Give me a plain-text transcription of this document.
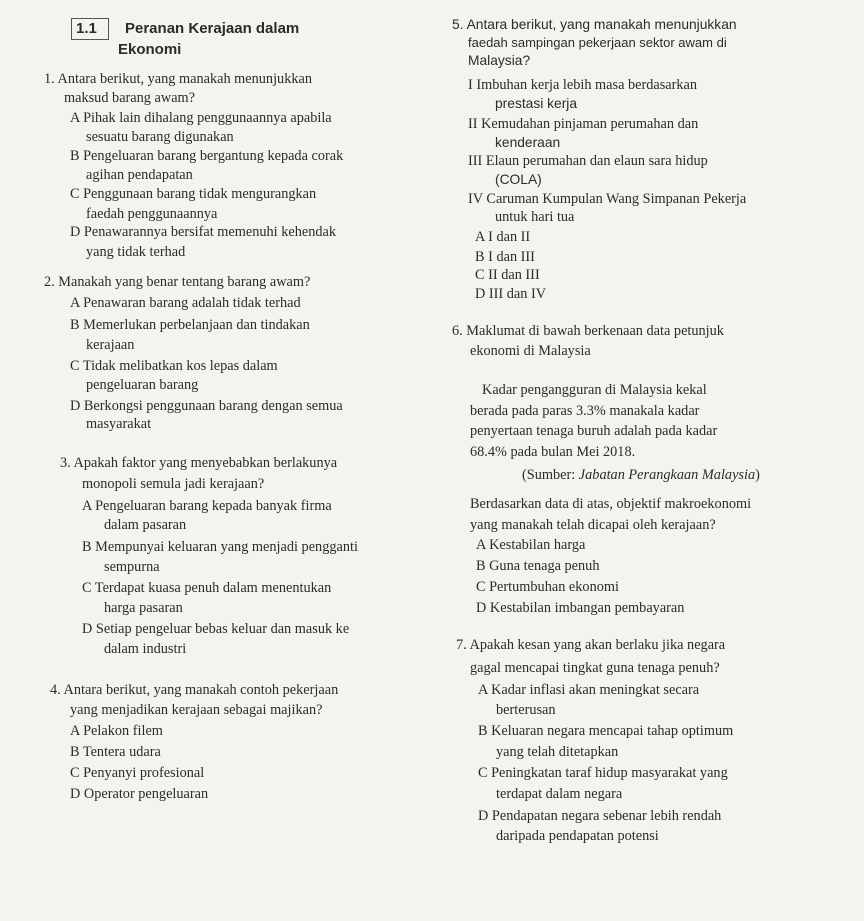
1.1 Peranan Kerajaan dalam
Ekonomi
1. Antara berikut, yang manakah menunjukkan
maksud barang awam?
A Pihak lain dihalang penggunaannya apabila
sesuatu barang digunakan
B Pengeluaran barang bergantung kepada corak
agihan pendapatan
C Penggunaan barang tidak mengurangkan
faedah penggunaannya
D Penawarannya bersifat memenuhi kehendak
yang tidak terhad
2. Manakah yang benar tentang barang awam?
A Penawaran barang adalah tidak terhad
B Memerlukan perbelanjaan dan tindakan
kerajaan
C Tidak melibatkan kos lepas dalam
pengeluaran barang
D Berkongsi penggunaan barang dengan semua
masyarakat
3. Apakah faktor yang menyebabkan berlakunya
monopoli semula jadi kerajaan?
A Pengeluaran barang kepada banyak firma
dalam pasaran
B Mempunyai keluaran yang menjadi pengganti
sempurna
C Terdapat kuasa penuh dalam menentukan
harga pasaran
D Setiap pengeluar bebas keluar dan masuk ke
dalam industri
4. Antara berikut, yang manakah contoh pekerjaan
yang menjadikan kerajaan sebagai majikan?
A Pelakon filem
B Tentera udara
C Penyanyi profesional
D Operator pengeluaran
5. Antara berikut, yang manakah menunjukkan
faedah sampingan pekerjaan sektor awam di
Malaysia?
I Imbuhan kerja lebih masa berdasarkan
prestasi kerja
II Kemudahan pinjaman perumahan dan
kenderaan
III Elaun perumahan dan elaun sara hidup
(COLA)
IV Caruman Kumpulan Wang Simpanan Pekerja
untuk hari tua
A I dan II
B I dan III
C II dan III
D III dan IV
6. Maklumat di bawah berkenaan data petunjuk
ekonomi di Malaysia
Kadar pengangguran di Malaysia kekal
berada pada paras 3.3% manakala kadar
penyertaan tenaga buruh adalah pada kadar
68.4% pada bulan Mei 2018.
(Sumber: Jabatan Perangkaan Malaysia)
Berdasarkan data di atas, objektif makroekonomi
yang manakah telah dicapai oleh kerajaan?
A Kestabilan harga
B Guna tenaga penuh
C Pertumbuhan ekonomi
D Kestabilan imbangan pembayaran
7. Apakah kesan yang akan berlaku jika negara
gagal mencapai tingkat guna tenaga penuh?
A Kadar inflasi akan meningkat secara
berterusan
B Keluaran negara mencapai tahap optimum
yang telah ditetapkan
C Peningkatan taraf hidup masyarakat yang
terdapat dalam negara
D Pendapatan negara sebenar lebih rendah
daripada pendapatan potensi
